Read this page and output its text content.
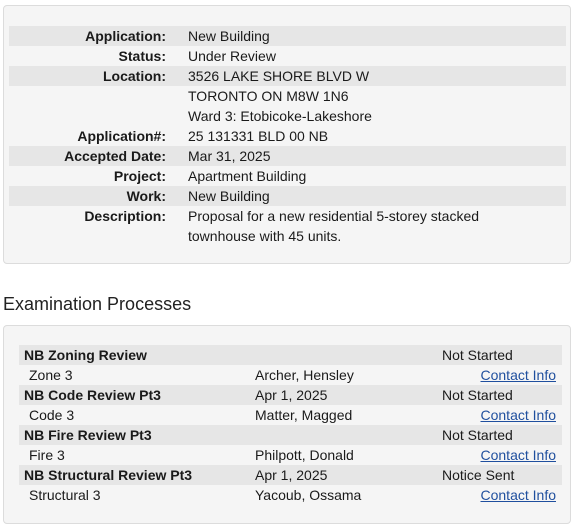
Application:	New Building
Status:	Under Review
Location:	3526 LAKE SHORE BLVD W

	TORONTO ON M8W 1N6
	Ward 3: Etobicoke-Lakeshore
Application#:	25 131331 BLD 00 NB
Accepted Date:	Mar 31, 2025
Project:	Apartment Building
Work:	New Building
Description:	Proposal for a new residential 5-storey stacked
	townhouse with 45 units.
Examination Processes
NB Zoning Review		Not Started
Zone 3	Archer, Hensley	Contact Info
NB Code Review Pt3	Apr 1, 2025	Not Started
Code 3	Matter, Magged	Contact Info
NB Fire Review Pt3		Not Started
Fire 3	Philpott, Donald	Contact Info
NB Structural Review Pt3	Apr 1, 2025	Notice Sent
Structural 3	Yacoub, Ossama	Contact Info
